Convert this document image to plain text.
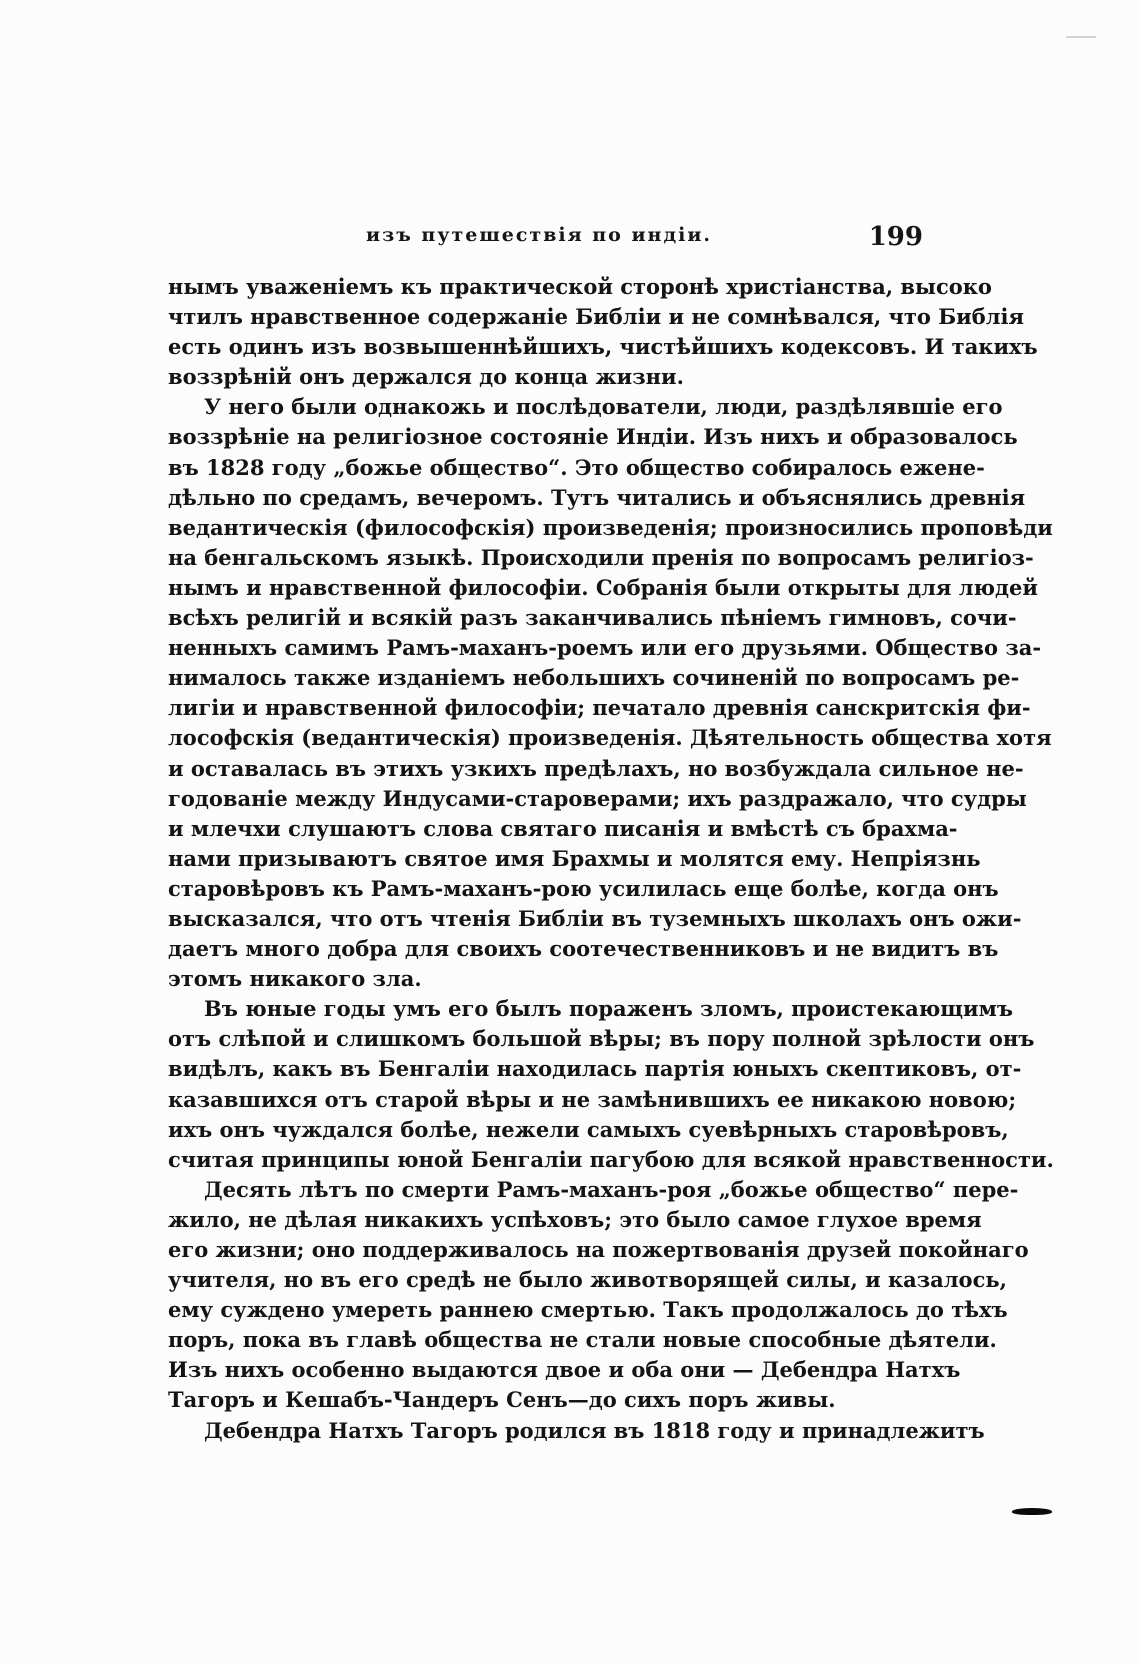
изъ путешествія по индіи.	199
нымъ уваженіемъ къ практической сторонѣ христіанства, высоко
чтилъ нравственное содержаніе Библіи и не сомнѣвался, что Библія
есть одинъ изъ возвышеннѣйшихъ, чистѣйшихъ кодексовъ. И такихъ
воззрѣній онъ держался до конца жизни.
У него были однакожь и послѣдователи, люди, раздѣлявшіе его
воззрѣніе на религіозное состояніе Индіи. Изъ нихъ и образовалось
въ 1828 году „божье общество“. Это общество собиралось еженe-
дѣльно по средамъ, вечеромъ. Тутъ читались и объяснялись древнія
ведантическія (философскія) произведенія; произносились проповѣди
на бенгальскомъ языкѣ. Происходили пренія по вопросамъ религіоз-
нымъ и нравственной философіи. Собранія были открыты для людей
всѣхъ религій и всякій разъ заканчивались пѣніемъ гимновъ, сочи-
ненныхъ самимъ Рамъ-маханъ-роемъ или его друзьями. Общество за-
нималось также изданіемъ небольшихъ сочиненій по вопросамъ ре-
лигіи и нравственной философіи; печатало древнія санскритскія фи-
лософскія (ведантическія) произведенія. Дѣятельность общества хотя
и оставалась въ этихъ узкихъ предѣлахъ, но возбуждала сильное не-
годованіе между Индусами-староверами; ихъ раздражало, что судры
и млечхи слушаютъ слова святаго писанія и вмѣстѣ съ брахма-
нами призываютъ святое имя Брахмы и молятся ему. Непріязнь
старовѣровъ къ Рамъ-маханъ-рою усилилась еще болѣе, когда онъ
высказался, что отъ чтенія Библіи въ туземныхъ школахъ онъ ожи-
даетъ много добра для своихъ соотечественниковъ и не видитъ въ
этомъ никакого зла.
Въ юные годы умъ его былъ пораженъ зломъ, проистекающимъ
отъ слѣпой и слишкомъ большой вѣры; въ пору полной зрѣлости онъ
видѣлъ, какъ въ Бенгаліи находилась партія юныхъ скептиковъ, от-
казавшихся отъ старой вѣры и не замѣнившихъ ее никакою новою;
ихъ онъ чуждался болѣе, нежели самыхъ суевѣрныхъ старовѣровъ,
считая принципы юной Бенгаліи пагубою для всякой нравственности.
Десять лѣтъ по смерти Рамъ-маханъ-роя „божье общество“ пере-
жило, не дѣлая никакихъ успѣховъ; это было самое глухое время
его жизни; оно поддерживалось на пожертвованія друзей покойнаго
учителя, но въ его средѣ не было животворящей силы, и казалось,
ему суждено умереть раннею смертью. Такъ продолжалось до тѣхъ
поръ, пока въ главѣ общества не стали новые способные дѣятели.
Изъ нихъ особенно выдаются двое и оба они — Дебендра Натхъ
Тагоръ и Кешабъ-Чандеръ Сенъ—до сихъ поръ живы.
Дебендра Натхъ Тагоръ родился въ 1818 году и принадлежитъ
